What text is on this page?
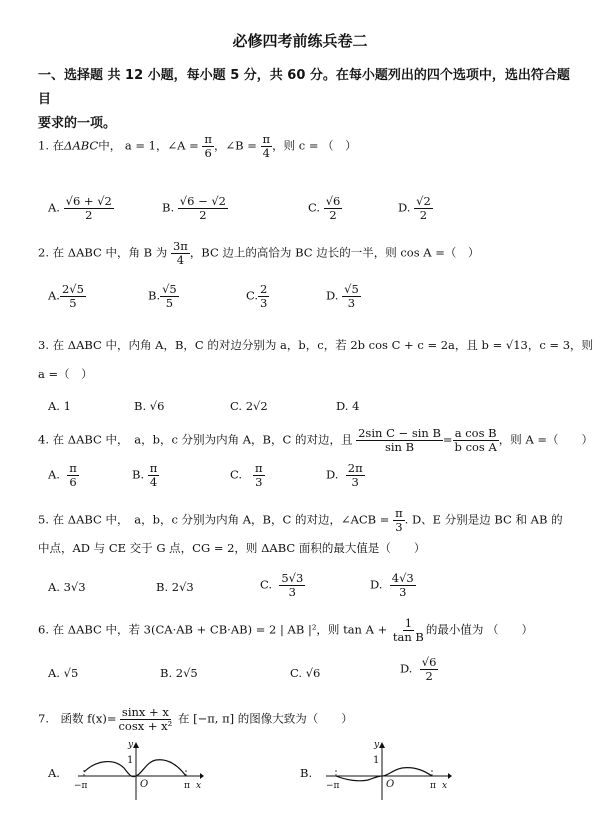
必修四考前练兵卷二
一、选择题 共 12 小题，每小题 5 分，共 60 分。在每小题列出的四个选项中，选出符合题目
要求的一项。
1. 在ΔABC中， a = 1，∠A = $\frac{\pi}{6}$ ，∠B = $\frac{\pi}{4}$ ，则 c = （　）
A. $\frac{√6 + √2}{2}$	B. $\frac{√6 - √2}{2}$	C. $\frac{√6}{2}$	D. $\frac{√2}{2}$
2. 在 ΔABC 中，角 B 为 $\frac{3\pi}{4}$ ，BC 边上的高恰为 BC 边长的一半，则 cos A =（　）
A. $\frac{2√5}{5}$	B. $\frac{√5}{5}$	C. $\frac{2}{3}$	D. $\frac{√5}{3}$
3. 在 ΔABC 中，内角 A，B，C 的对边分别为 a，b，c，若 2b cos C + c = 2a，且 b = √13，c = 3，则
a =（　）
A. 1	B. √6	C. 2√2	D. 4
4. 在 ΔABC 中，　a，b，c 分别为内角 A，B，C 的对边，且 $\frac{\text{2sin C − sin B}}{\text{sin B}} = \frac{\text{a cos B}}{\text{b cos A}}$ ，则 A =（　　）
A. $\frac{\pi}{6}$	B. $\frac{\pi}{4}$	C. $\frac{\pi}{3}$	D. $\frac{2\pi}{3}$
5. 在 ΔABC 中，　a，b，c 分别为内角 A，B，C 的对边，∠ACB = $\frac{\pi}{3}$ . D、E 分别是边 BC 和 AB 的
中点，AD 与 CE 交于 G 点，CG = 2，则 ΔABC 面积的最大值是（　　）
A. 3√3	B. 2√3	C. $\frac{5√3}{3}$	D. $\frac{4√3}{3}$
6. 在 ΔABC 中，若 3(CA·AB + CB·AB) = 2 | AB |²，则 $\tan A + \frac{1}{\text{tan B}}$ 的最小值为 （　　）
A. √5	B. 2√5	C. √6	D. $\frac{√6}{2}$
7.　函数 $f(x)= \frac{\sin x + x}{\text{cosx + x²}}$ 在 [−π, π] 的图像大致为（　　）
A.
y
1
O
−π	π x
B.
y
1
O
−π	π x
